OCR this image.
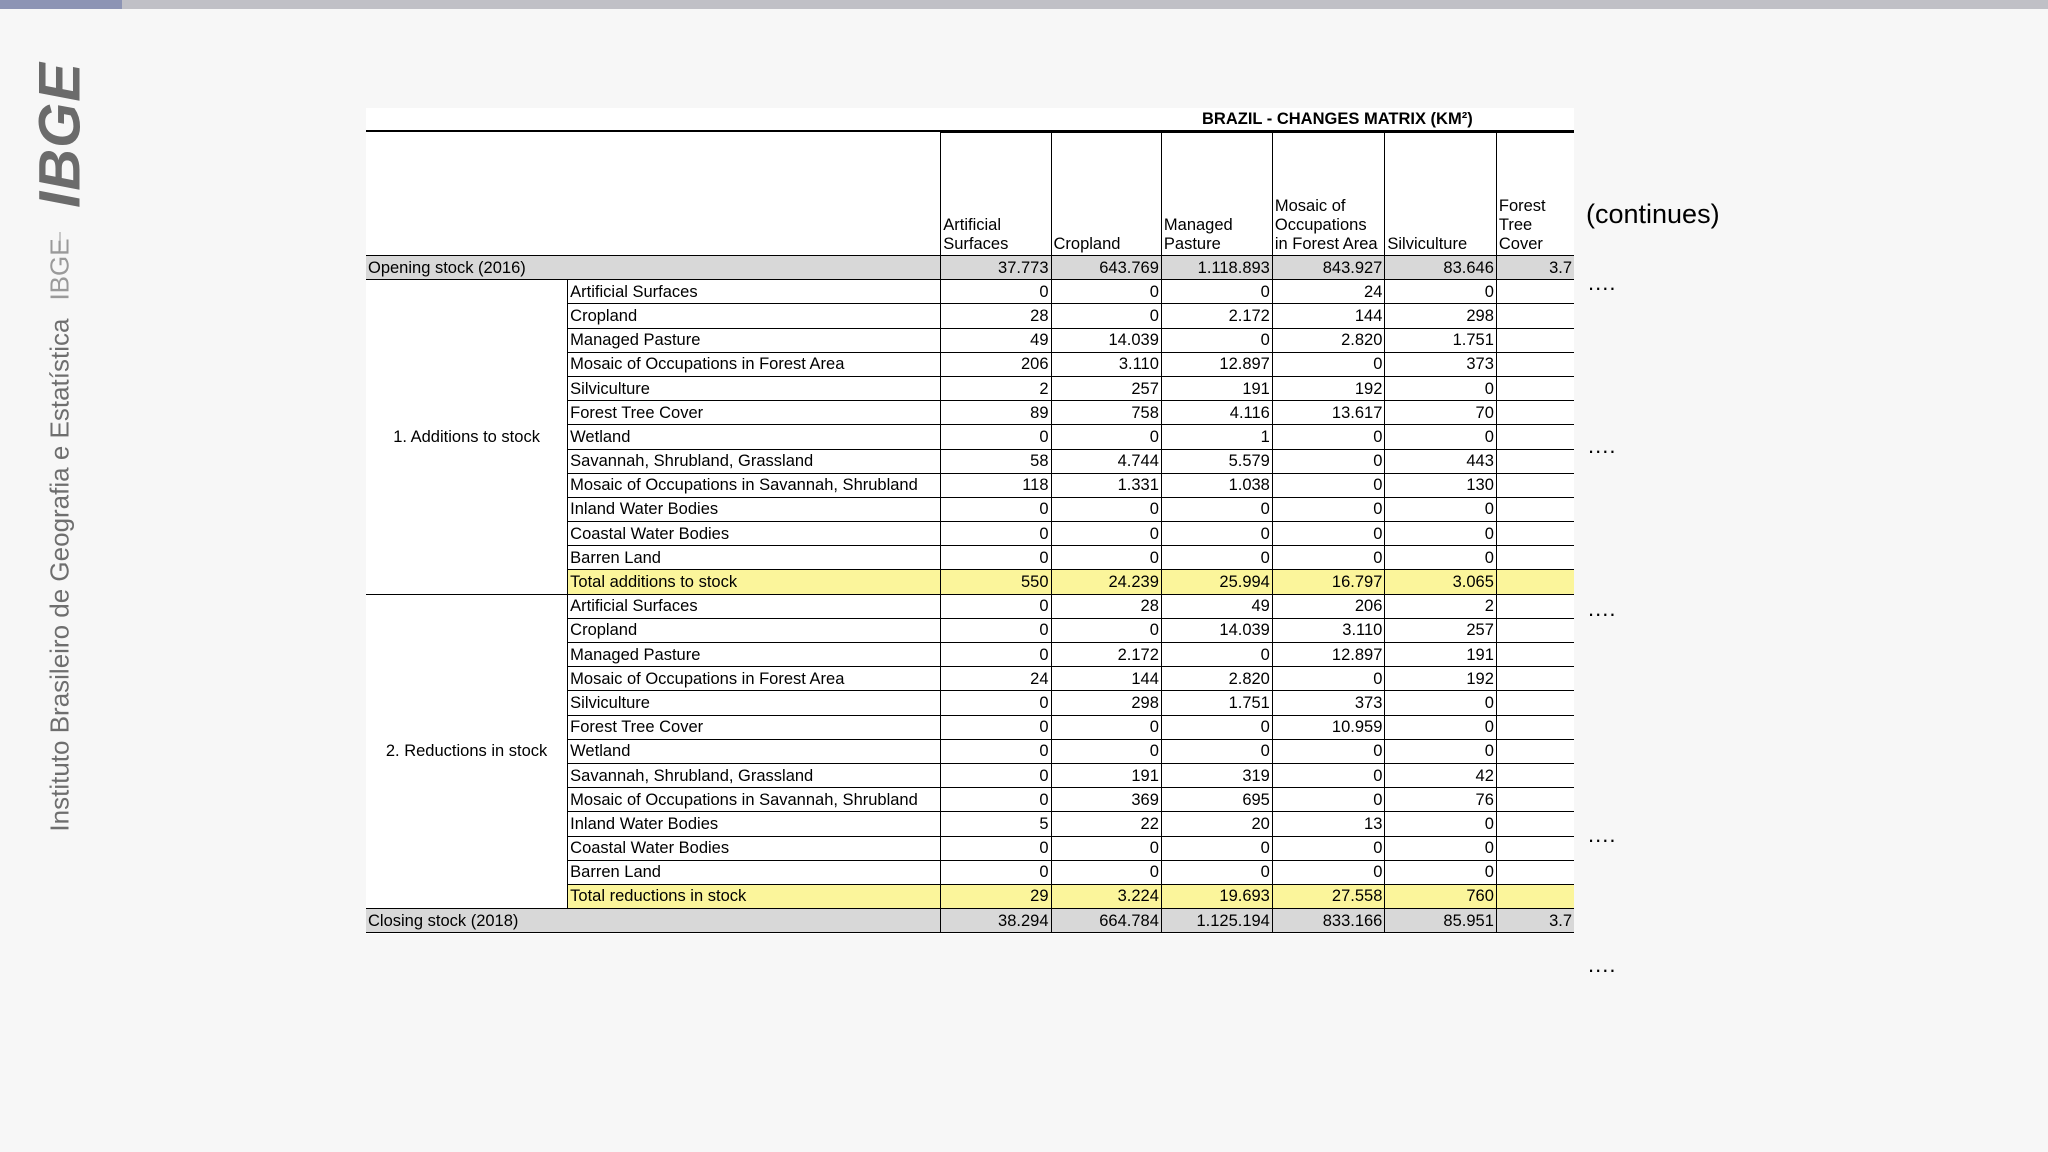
IBGE
Instituto Brasileiro de Geografia e EstatísticaIBGE
BRAZIL - CHANGES MATRIX (KM²)
		Artificial Surfaces	Cropland	Managed Pasture	Mosaic of Occupations in Forest Area	Silviculture	Forest Tree Cover
Opening stock (2016)		37.773	643.769	1.118.893	843.927	83.646	3.7
1. Additions to stock	Artificial Surfaces	0	0	0	24	0	
	Cropland	28	0	2.172	144	298	
	Managed Pasture	49	14.039	0	2.820	1.751	
	Mosaic of Occupations in Forest Area	206	3.110	12.897	0	373	
	Silviculture	2	257	191	192	0	
	Forest Tree Cover	89	758	4.116	13.617	70	
	Wetland	0	0	1	0	0	
	Savannah, Shrubland, Grassland	58	4.744	5.579	0	443	
	Mosaic of Occupations in Savannah, Shrubland	118	1.331	1.038	0	130	
	Inland Water Bodies	0	0	0	0	0	
	Coastal Water Bodies	0	0	0	0	0	
	Barren Land	0	0	0	0	0	
	Total additions to stock	550	24.239	25.994	16.797	3.065	
2. Reductions in stock	Artificial Surfaces	0	28	49	206	2	
	Cropland	0	0	14.039	3.110	257	
	Managed Pasture	0	2.172	0	12.897	191	
	Mosaic of Occupations in Forest Area	24	144	2.820	0	192	
	Silviculture	0	298	1.751	373	0	
	Forest Tree Cover	0	0	0	10.959	0	
	Wetland	0	0	0	0	0	
	Savannah, Shrubland, Grassland	0	191	319	0	42	
	Mosaic of Occupations in Savannah, Shrubland	0	369	695	0	76	
	Inland Water Bodies	5	22	20	13	0	
	Coastal Water Bodies	0	0	0	0	0	
	Barren Land	0	0	0	0	0	
	Total reductions in stock	29	3.224	19.693	27.558	760	
Closing stock (2018)		38.294	664.784	1.125.194	833.166	85.951	3.7
(continues)
....
....
....
....
....
